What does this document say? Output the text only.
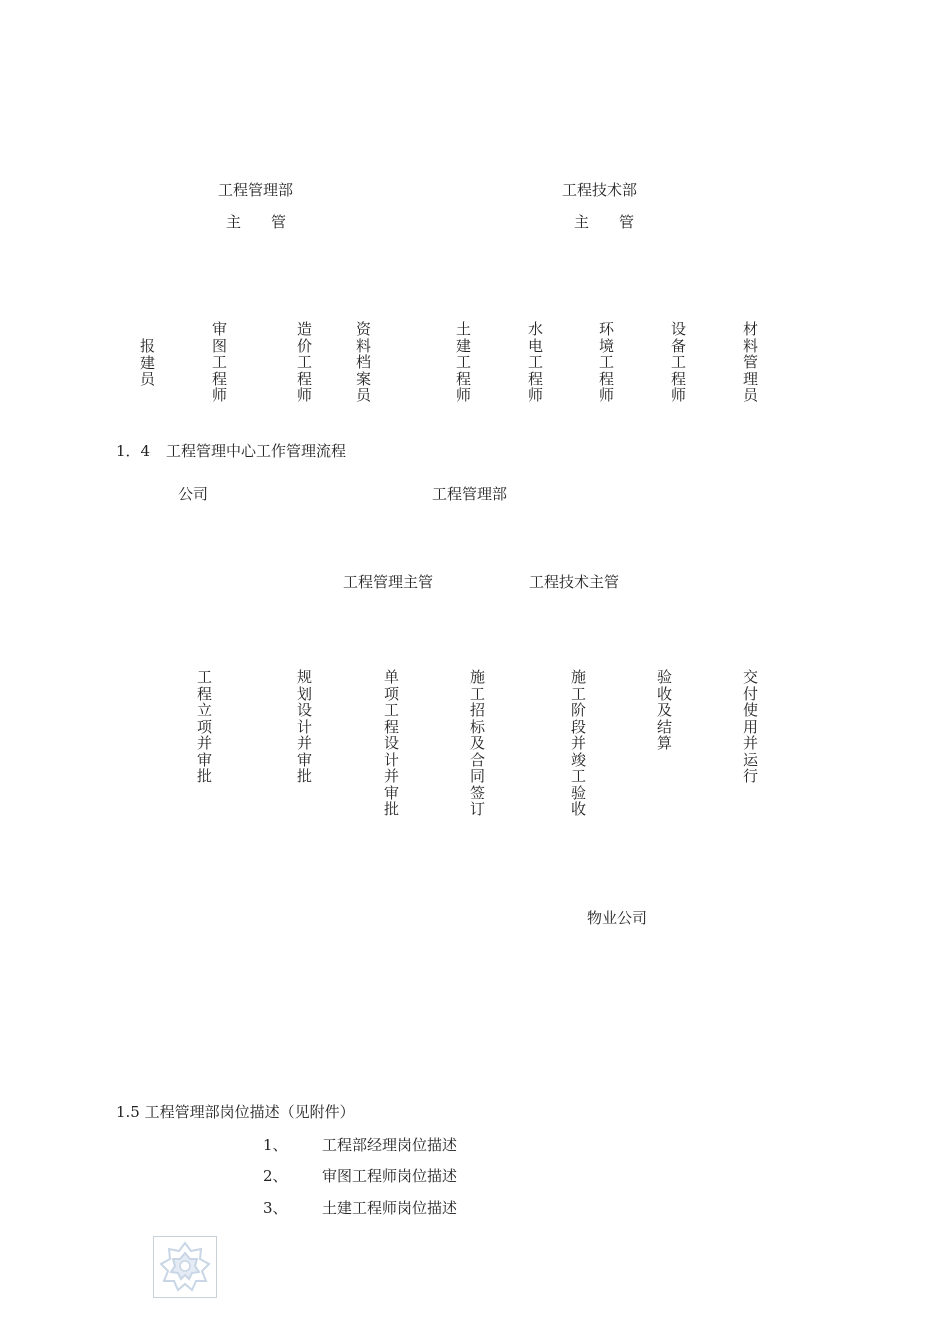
工程管理部
主　　管
工程技术部
主　　管
报建员
审图工程师
造价工程师
资料档案员
土建工程师
水电工程师
环境工程师
设备工程师
材料管理员
1．4 工程管理中心工作管理流程
公司	工程管理部
工程管理主管	工程技术主管
工程立项并审批
规划设计并审批
单项工程设计并审批
施工招标及合同签订
施工阶段并竣工验收
验收及结算
交付使用并运行
物业公司
1.5 工程管理部岗位描述（见附件）
1、 工程部经理岗位描述
2、 审图工程师岗位描述
3、 土建工程师岗位描述
